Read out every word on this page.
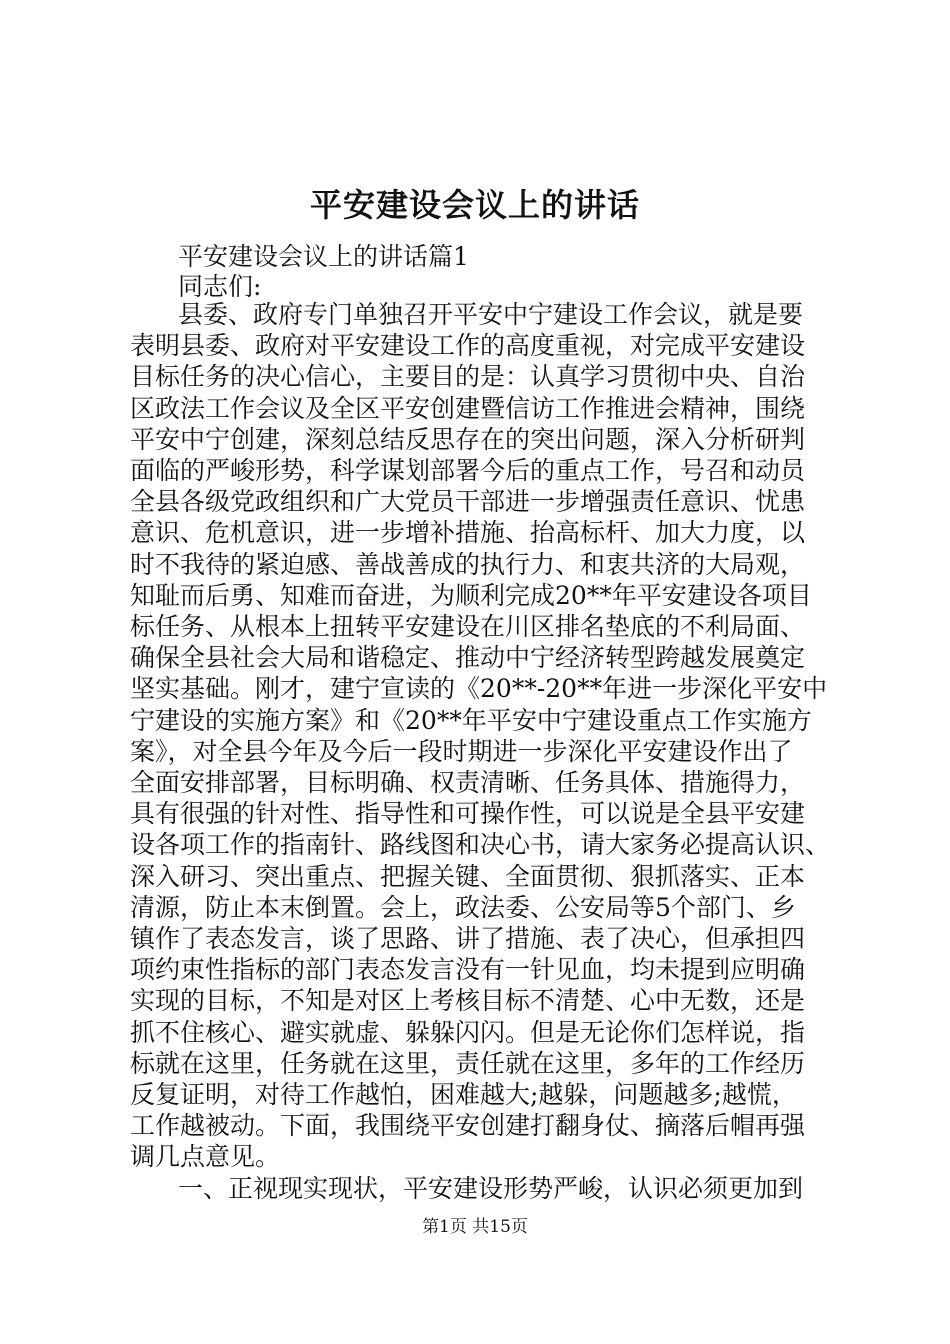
平安建设会议上的讲话

平安建设会议上的讲话篇1

同志们:

县委、政府专门单独召开平安中宁建设工作会议，就是要

表明县委、政府对平安建设工作的高度重视，对完成平安建设

目标任务的决心信心，主要目的是：认真学习贯彻中央、自治

区政法工作会议及全区平安创建暨信访工作推进会精神，围绕

平安中宁创建，深刻总结反思存在的突出问题，深入分析研判

面临的严峻形势，科学谋划部署今后的重点工作，号召和动员

全县各级党政组织和广大党员干部进一步增强责任意识、忧患

意识、危机意识，进一步增补措施、抬高标杆、加大力度，以

时不我待的紧迫感、善战善成的执行力、和衷共济的大局观，

知耻而后勇、知难而奋进，为顺利完成20**年平安建设各项目

标任务、从根本上扭转平安建设在川区排名垫底的不利局面、

确保全县社会大局和谐稳定、推动中宁经济转型跨越发展奠定

坚实基础。刚才，建宁宣读的《20**-20**年进一步深化平安中

宁建设的实施方案》和《20**年平安中宁建设重点工作实施方

案》，对全县今年及今后一段时期进一步深化平安建设作出了

全面安排部署，目标明确、权责清晰、任务具体、措施得力，

具有很强的针对性、指导性和可操作性，可以说是全县平安建

设各项工作的指南针、路线图和决心书，请大家务必提高认识、

深入研习、突出重点、把握关键、全面贯彻、狠抓落实、正本

清源，防止本末倒置。会上，政法委、公安局等5个部门、乡

镇作了表态发言，谈了思路、讲了措施、表了决心，但承担四

项约束性指标的部门表态发言没有一针见血，均未提到应明确

实现的目标，不知是对区上考核目标不清楚、心中无数，还是

抓不住核心、避实就虚、躲躲闪闪。但是无论你们怎样说，指

标就在这里，任务就在这里，责任就在这里，多年的工作经历

反复证明，对待工作越怕，困难越大;越躲，问题越多;越慌，

工作越被动。下面，我围绕平安创建打翻身仗、摘落后帽再强

调几点意见。

一、正视现实现状，平安建设形势严峻，认识必须更加到

第1页 共15页
